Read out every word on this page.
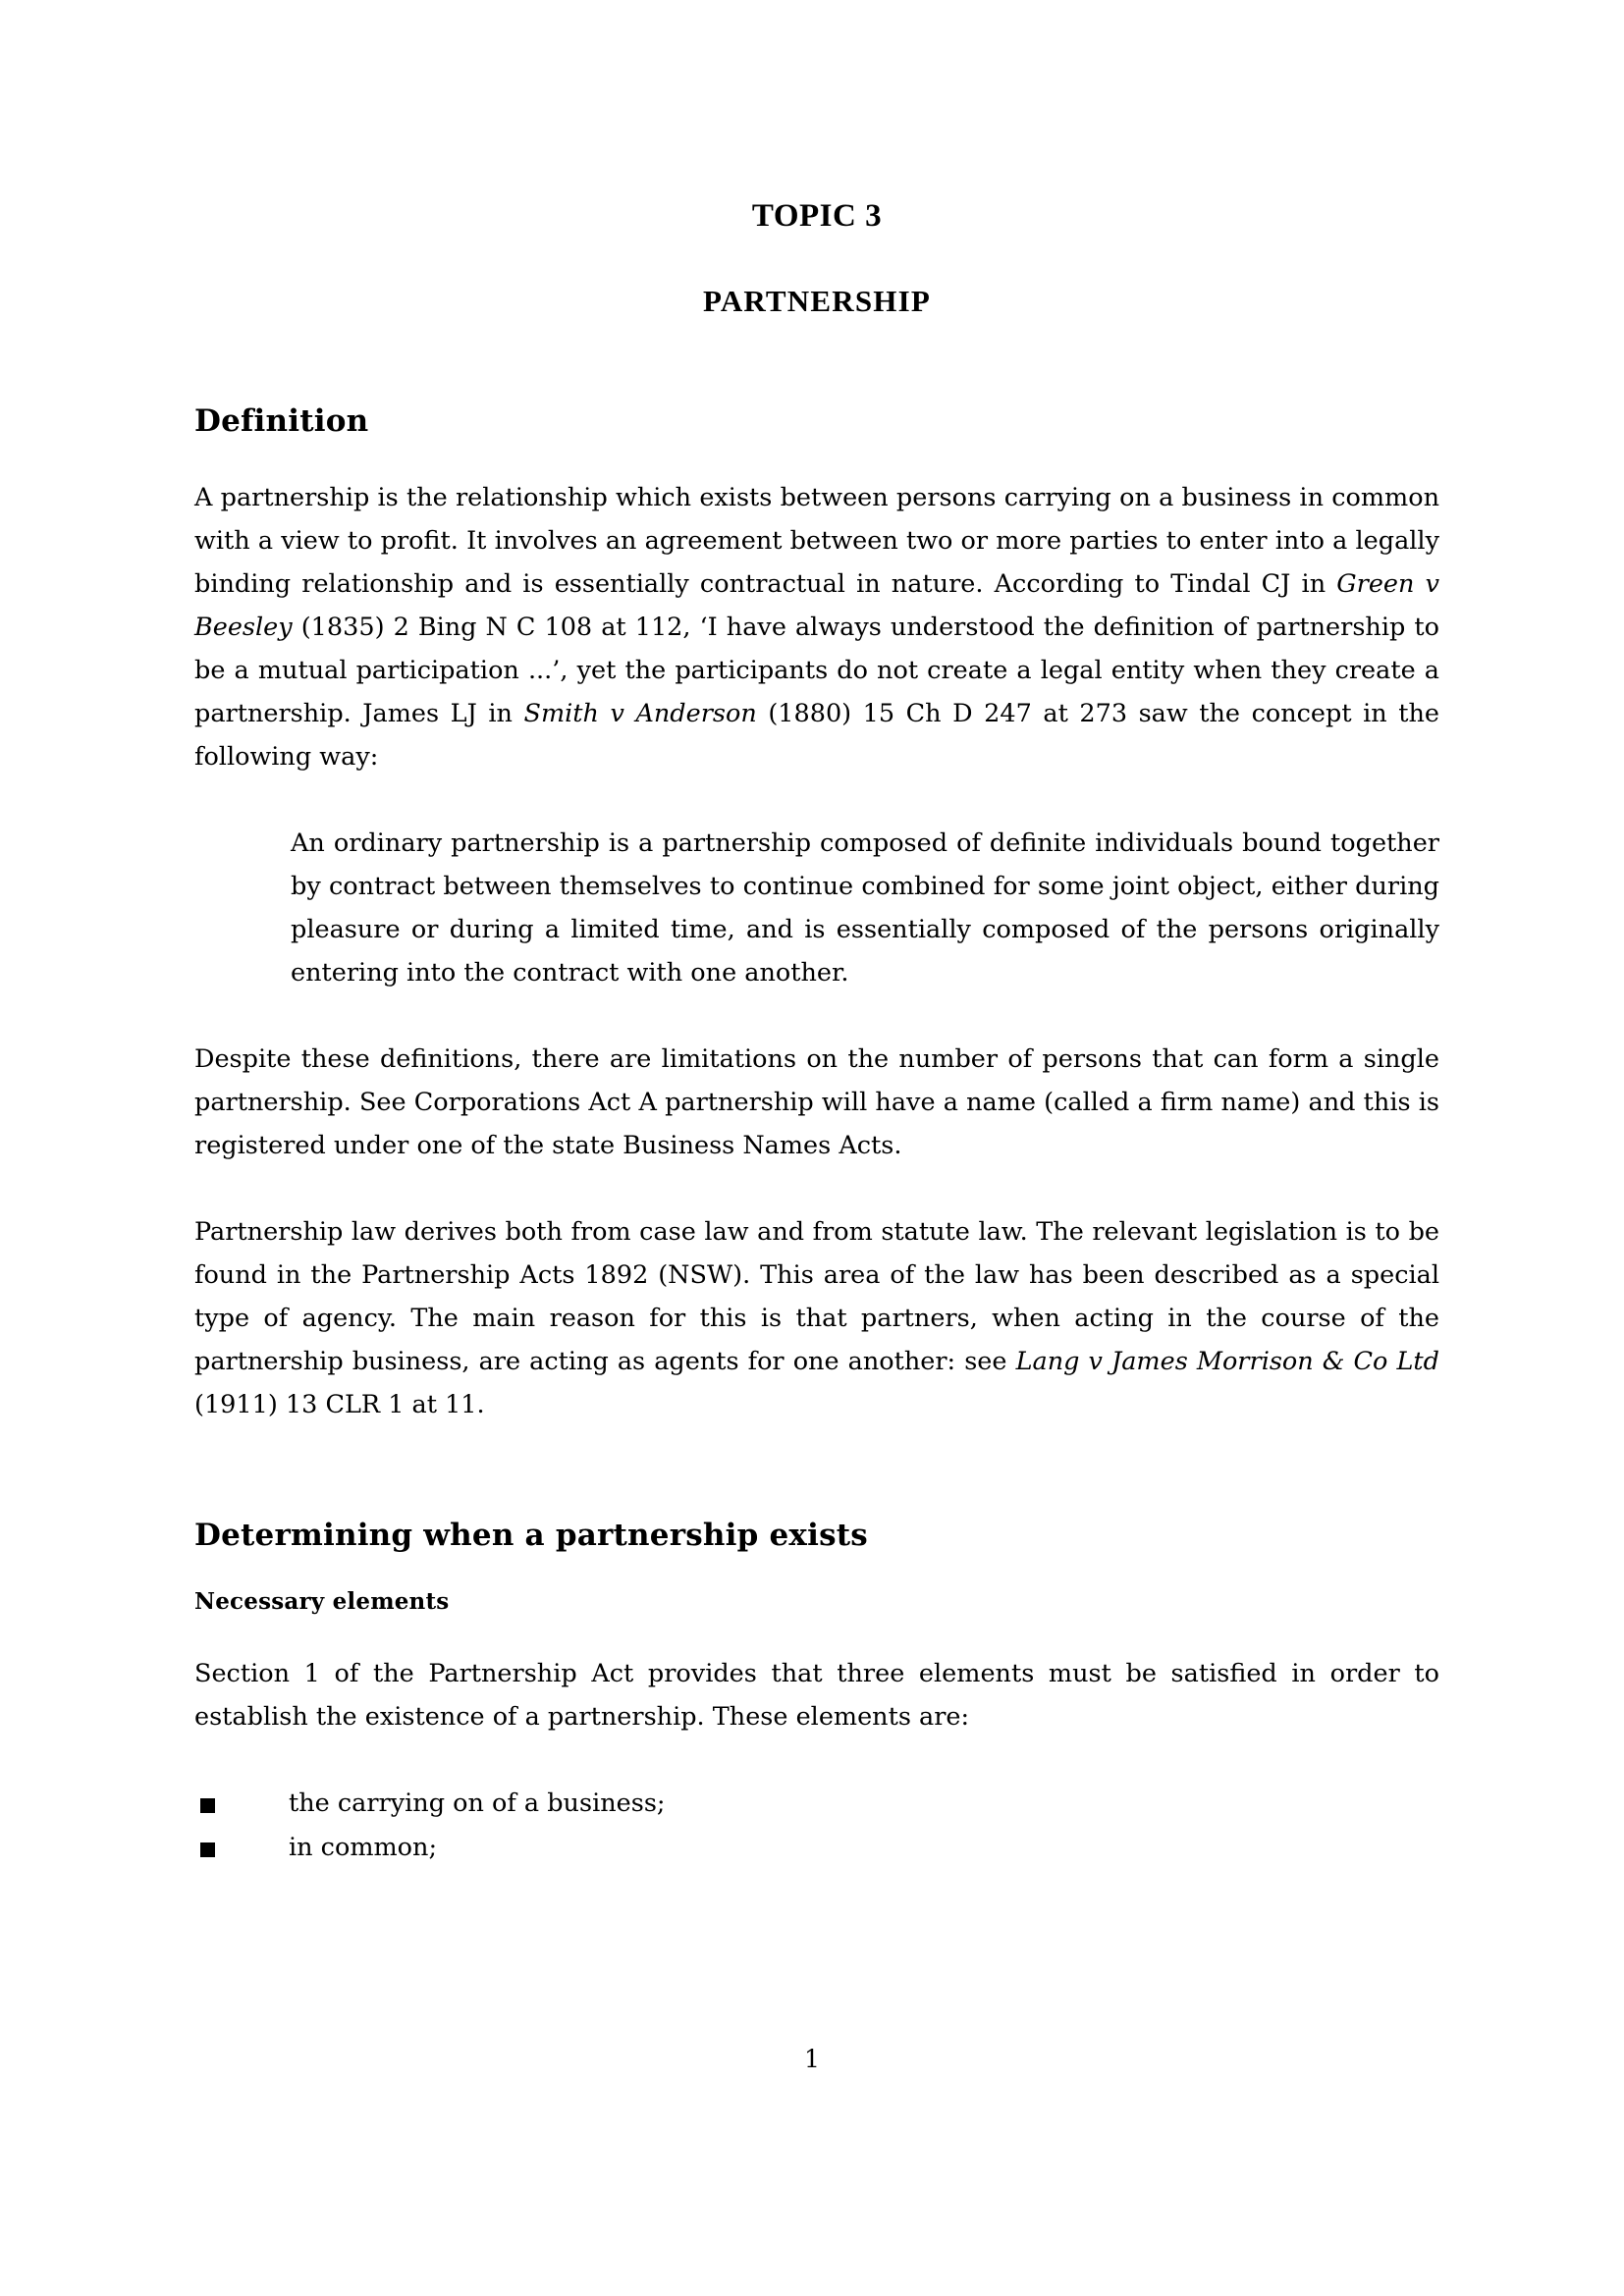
TOPIC 3
PARTNERSHIP
Definition

A partnership is the relationship which exists between persons carrying on a business in common with a view to profit. It involves an agreement between two or more parties to enter into a legally binding relationship and is essentially contractual in nature. According to Tindal CJ in Green v Beesley (1835) 2 Bing N C 108 at 112, ‘I have always understood the definition of partnership to be a mutual participation ...’, yet the participants do not create a legal entity when they create a partnership. James LJ in Smith v Anderson (1880) 15 Ch D 247 at 273 saw the concept in the following way:

An ordinary partnership is a partnership composed of definite individuals bound together by contract between themselves to continue combined for some joint object, either during pleasure or during a limited time, and is essentially composed of the persons originally entering into the contract with one another.

Despite these definitions, there are limitations on the number of persons that can form a single partnership. See Corporations Act A partnership will have a name (called a firm name) and this is registered under one of the state Business Names Acts.

Partnership law derives both from case law and from statute law. The relevant legislation is to be found in the Partnership Acts 1892 (NSW). This area of the law has been described as a special type of agency. The main reason for this is that partners, when acting in the course of the partnership business, are acting as agents for one another: see Lang v James Morrison & Co Ltd (1911) 13 CLR 1 at 11.

Determining when a partnership exists
Necessary elements

Section 1 of the Partnership Act provides that three elements must be satisfied in order to establish the existence of a partnership. These elements are:

the carrying on of a business;
in common;
1
